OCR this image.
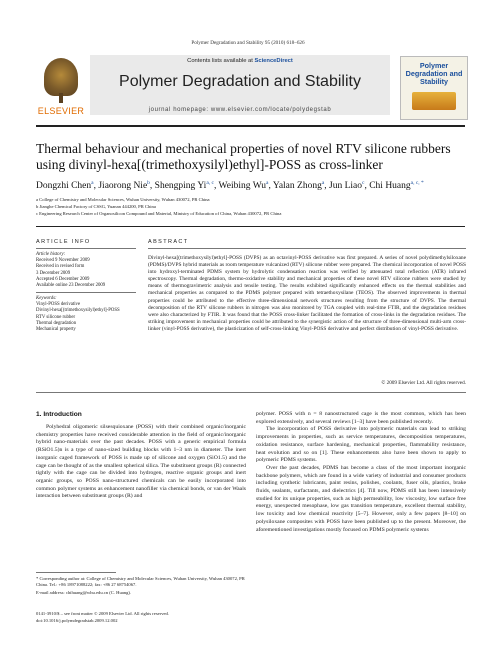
Polymer Degradation and Stability 95 (2010) 618–626
ELSEVIER
Contents lists available at ScienceDirect
Polymer Degradation and Stability
journal homepage: www.elsevier.com/locate/polydegstab
Polymer Degradation and Stability
Thermal behaviour and mechanical properties of novel RTV silicone rubbers
using divinyl-hexa[(trimethoxysilyl)ethyl]-POSS as cross-linker
Dongzhi Chen$^a$, Jiaorong Nie$^b$, Shengping Yi$^{a, c}$, Weibing Wu$^a$, Yalan Zhong$^a$, Jun Liao$^c$, Chi Huang$^{a, c, *}$
a College of Chemistry and Molecular Sciences, Wuhan University, Wuhan 430072, PR China
b Jianghe Chemical Factory of CSSG, Yuanan 444200, PR China
c Engineering Research Center of Organosilicon Compound and Material, Ministry of Education of China, Wuhan 430072, PR China
ARTICLE INFO
Article history:
Received 9 November 2009
Received in revised form
3 December 2009
Accepted 6 December 2009
Available online 23 December 2009
Keywords:
Vinyl-POSS derivative
Divinyl-hexa[(trimethoxysilyl)ethyl]-POSS
RTV silicone rubber
Thermal degradation
Mechanical property
ABSTRACT
Divinyl-hexa[(trimethoxysilyl)ethyl]-POSS (DVPS) as an octavinyl-POSS derivative was first prepared. A series of novel polydimethylsiloxane (PDMS)/DVPS hybrid materials as room temperature vulcanized (RTV) silicone rubber were prepared. The chemical incorporation of novel POSS into hydroxyl-terminated PDMS system by hydrolytic condensation reaction was verified by attenuated total reflection (ATR) infrared spectroscopy. Thermal degradation, thermo-oxidative stability and mechanical properties of these novel RTV silicone rubbers were studied by means of thermogravimetric analysis and tensile testing. The results exhibited significantly enhanced effects on the thermal stabilities and mechanical properties as compared to the PDMS polymer prepared with tetraethoxysilane (TEOS). The observed improvements in thermal properties could be attributed to the effective three-dimensional network structures resulting from the structure of DVPS. The thermal decomposition of the RTV silicone rubbers in nitrogen was also monitored by TGA coupled with real-time FTIR, and the degradation residues were also characterized by FTIR. It was found that the POSS cross-linker facilitated the formation of cross-links in the degradation residues. The striking improvement in mechanical properties could be attributed to the synergistic action of the structure of three-dimensional multi-arm cross-linker (vinyl-POSS derivative), the plasticization of self-cross-linking Vinyl-POSS derivative and perfect distribution of vinyl-POSS derivative.
© 2009 Elsevier Ltd. All rights reserved.
1. Introduction

Polyhedral oligomeric silsesquioxane (POSS) with their combined organic/inorganic chemistry properties have received considerable attention in the field of organic/inorganic hybrid nano-materials over the past decades. POSS with a generic empirical formula (RSiO1.5)n is a type of nano-sized building blocks with 1–3 nm in diameter. The inert inorganic caged framework of POSS is made up of silicone and oxygen (SiO1.5) and the cage can be thought of as the smallest spherical silica. The substituent groups (R) connected tightly with the cage can be divided into hydrogen, reactive organic groups and inert organic groups, so POSS nano-structured chemicals can be easily incorporated into common polymer systems as enhancement nanofiller via chemical bonds, or van der Waals interaction between substituent groups (R) and

polymer. POSS with n = 8 nanostructured cage is the most common, which has been explored extensively, and several reviews [1–3] have been published recently.

The incorporation of POSS derivative into polymeric materials can lead to striking improvements in properties, such as service temperatures, decomposition temperatures, oxidation resistance, surface hardening, mechanical properties, flammability resistance, heat evolution and so on [1]. These enhancements also have been shown to apply to polymeric PDMS systems.

Over the past decades, PDMS has become a class of the most important inorganic backbone polymers, which are found in a wide variety of industrial and consumer products including synthetic lubricants, paint resins, polishes, coolants, fuser oils, plastics, brake fluids, sealants, surfactants, and dielectrics [4]. Till now, PDMS still has been intensively studied for its unique properties, such as high permeability, low viscosity, low surface free energy, unexpected mesophase, low gas transition temperature, excellent thermal stability, low toxicity and low chemical reactivity [5–7]. However, only a few papers [8–10] on polysiloxane composites with POSS have been published up to the present. Moreover, the aforementioned investigations mostly focused on PDMS polymeric systems

* Corresponding author at: College of Chemistry and Molecular Sciences, Wuhan University, Wuhan 430072, PR China. Tel.: +86 18971088222; fax: +86 27 68754067.
E-mail address: chihuang@whu.edu.cn (C. Huang).
0141-3910/$ – see front matter © 2009 Elsevier Ltd. All rights reserved.
doi:10.1016/j.polymdegradstab.2009.12.002
